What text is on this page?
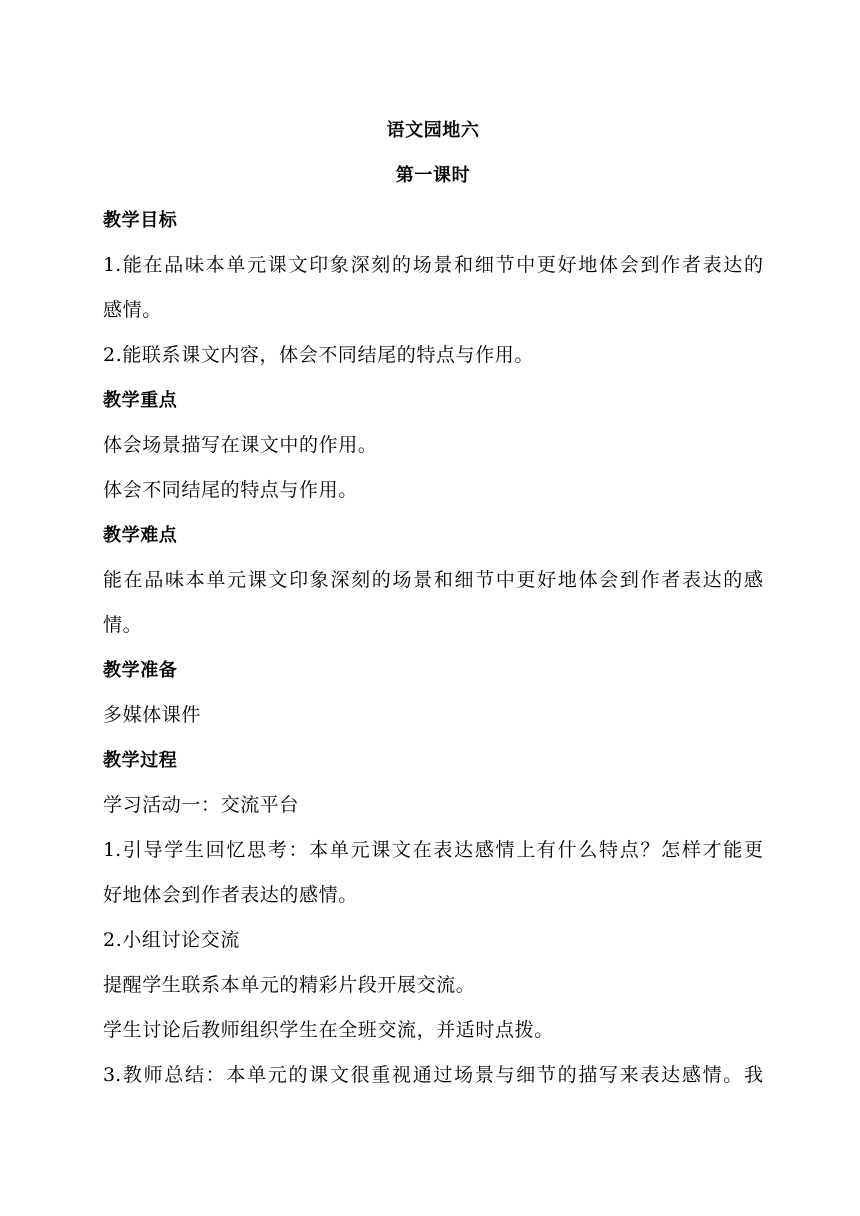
语文园地六
第一课时
教学目标
1.能在品味本单元课文印象深刻的场景和细节中更好地体会到作者表达的
感情。
2.能联系课文内容，体会不同结尾的特点与作用。
教学重点
体会场景描写在课文中的作用。
体会不同结尾的特点与作用。
教学难点
能在品味本单元课文印象深刻的场景和细节中更好地体会到作者表达的感
情。
教学准备
多媒体课件
教学过程
学习活动一：交流平台
1.引导学生回忆思考：本单元课文在表达感情上有什么特点？怎样才能更
好地体会到作者表达的感情。
2.小组讨论交流
提醒学生联系本单元的精彩片段开展交流。
学生讨论后教师组织学生在全班交流，并适时点拨。
3.教师总结：本单元的课文很重视通过场景与细节的描写来表达感情。我
